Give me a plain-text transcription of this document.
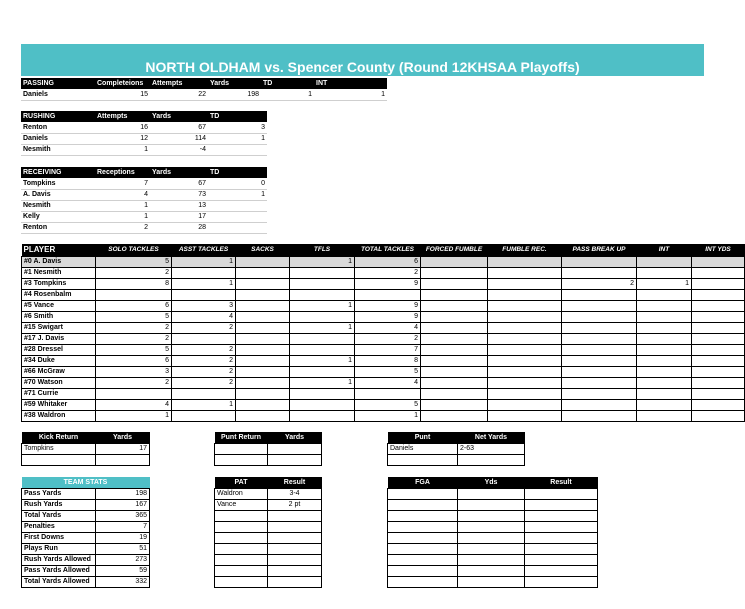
NORTH OLDHAM vs. Spencer County (Round 12KHSAA Playoffs)
PASSING	Completeions	Attempts	Yards	TD	INT
Daniels	15	22	198	1	1
RUSHING	Attempts	Yards	TD
Renton	16	67	3
Daniels	12	114	1
Nesmith	1	-4	
RECEIVING	Receptions	Yards	TD
Tompkins	7	67	0
A. Davis	4	73	1
Nesmith	1	13	
Kelly	1	17	
Renton	2	28	
PLAYER	SOLO TACKLES	ASST TACKLES	SACKS	TFLS	TOTAL TACKLES	FORCED FUMBLE	FUMBLE REC.	PASS BREAK UP	INT	INT YDS
#0 A. Davis	5	1		1	6					
#1 Nesmith	2				2					
#3 Tompkins	8	1			9			2	1	
#4 Rosenbalm										
#5 Vance	6	3		1	9					
#6 Smith	5	4			9					
#15 Swigart	2	2		1	4					
#17 J. Davis	2				2					
#28 Dressel	5	2			7					
#34 Duke	6	2		1	8					
#66 McGraw	3	2			5					
#70 Watson	2	2		1	4					
#71 Currie										
#59 Whitaker	4	1			5					
#38 Waldron	1				1					
Kick Return	Yards
Tompkins	17

Punt Return	Yards

		Punt	Net Yards
Daniels	2-63

TEAM STATS	
Pass Yards	198
Rush Yards	167
Total Yards	365
Penalties	7
First Downs	19
Plays Run	51
Rush Yards Allowed	273
Pass Yards Allowed	59
Total Yards Allowed	332
PAT	Result
Waldron	3-4
Vance	2 pt

FGA	Yds	Result
